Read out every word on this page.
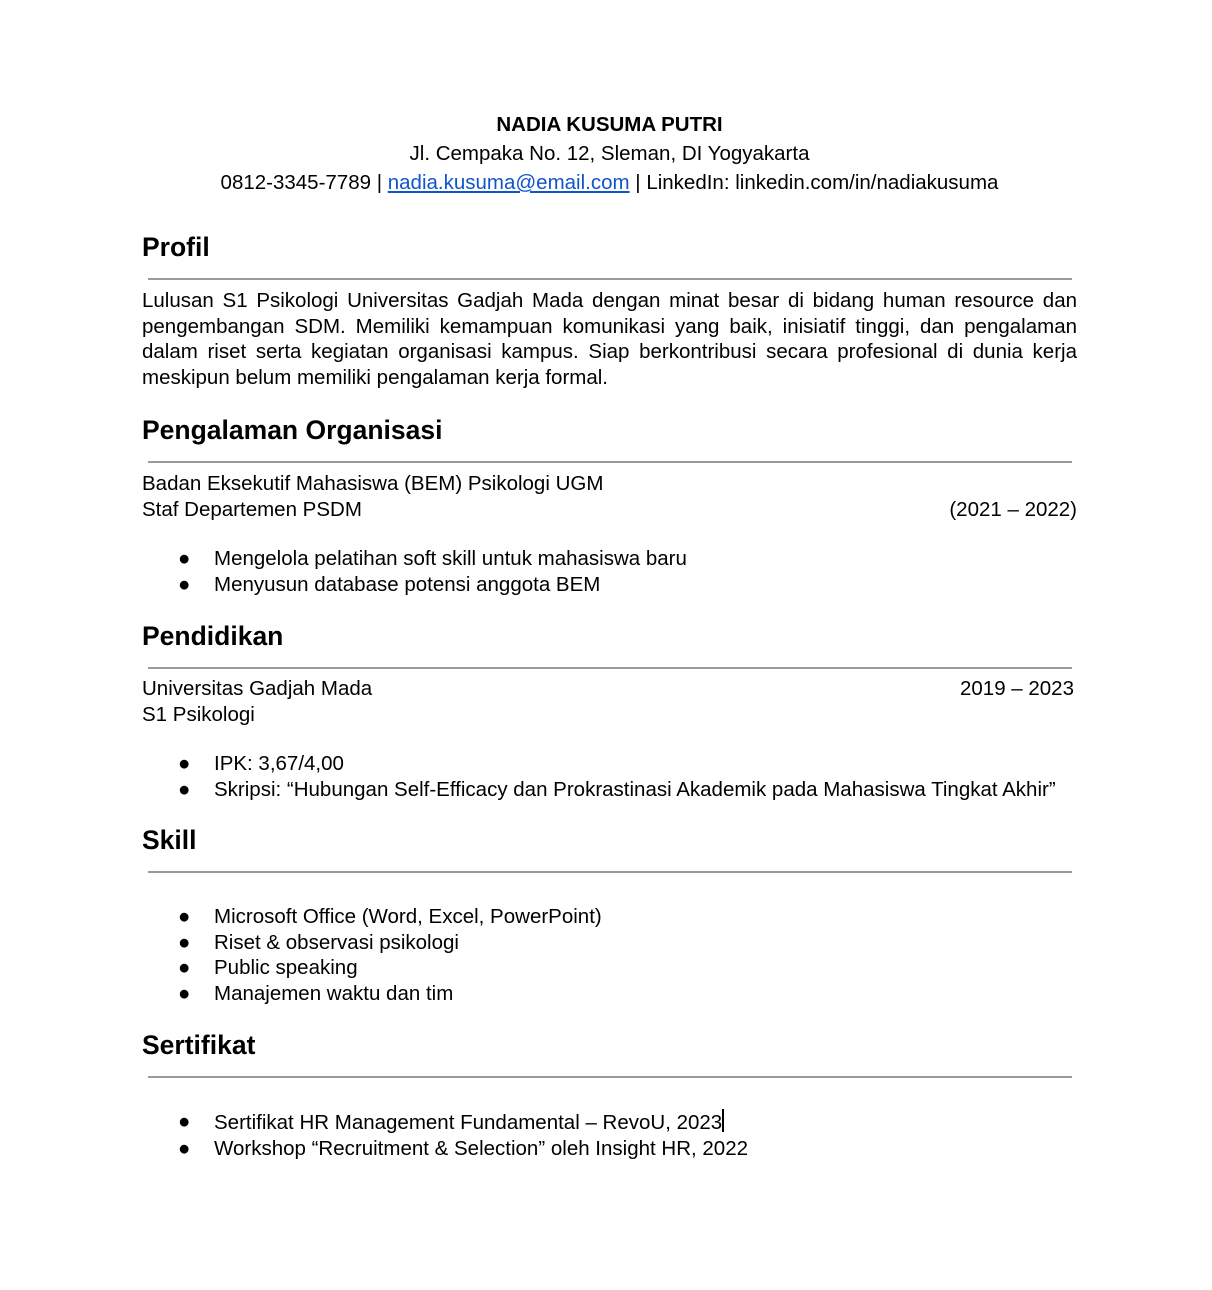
NADIA KUSUMA PUTRI
Jl. Cempaka No. 12, Sleman, DI Yogyakarta
0812-3345-7789 | nadia.kusuma@email.com | LinkedIn: linkedin.com/in/nadiakusuma
Profil
Lulusan S1 Psikologi Universitas Gadjah Mada dengan minat besar di bidang human resource dan pengembangan SDM. Memiliki kemampuan komunikasi yang baik, inisiatif tinggi, dan pengalaman dalam riset serta kegiatan organisasi kampus. Siap berkontribusi secara profesional di dunia kerja meskipun belum memiliki pengalaman kerja formal.
Pengalaman Organisasi
Badan Eksekutif Mahasiswa (BEM) Psikologi UGM
Staf Departemen PSDM	(2021 – 2022)
● Mengelola pelatihan soft skill untuk mahasiswa baru
● Menyusun database potensi anggota BEM
Pendidikan
Universitas Gadjah Mada	2019 – 2023
S1 Psikologi
● IPK: 3,67/4,00
● Skripsi: “Hubungan Self-Efficacy dan Prokrastinasi Akademik pada Mahasiswa Tingkat Akhir”
Skill
● Microsoft Office (Word, Excel, PowerPoint)
● Riset & observasi psikologi
● Public speaking
● Manajemen waktu dan tim
Sertifikat
● Sertifikat HR Management Fundamental – RevoU, 2023
● Workshop “Recruitment & Selection” oleh Insight HR, 2022
